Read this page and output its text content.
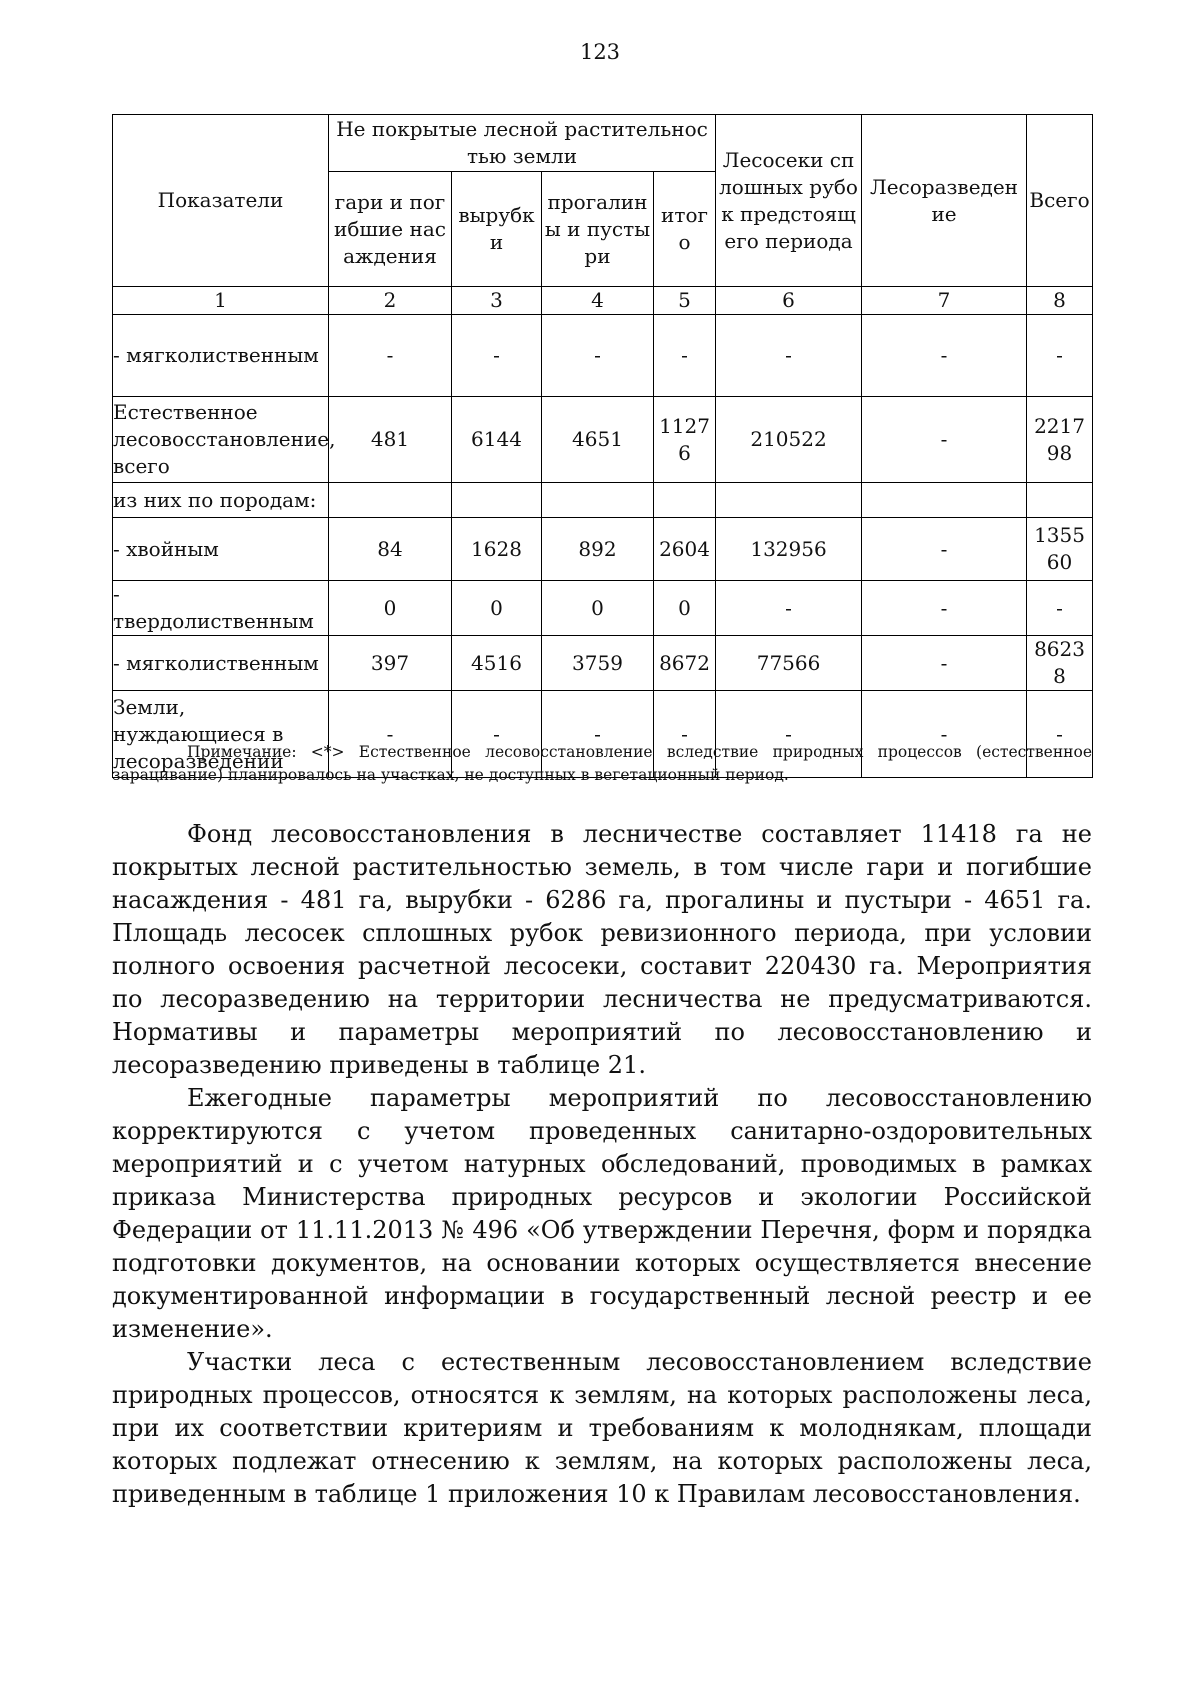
123
Показатели	Не покрытые лесной растительностью земли				Лесосеки сплошных рубок предстоящего периода	Лесоразведение	Всего
	гари и погибшие насаждения	вырубки	прогалины и пустыри	итого			
1	2	3	4	5	6	7	8
- мягколиственным	-	-	-	-	-	-	-
Естественное лесовосстановление, всего	481	6144	4651	11276	210522	-	221798
из них по породам:							
- хвойным	84	1628	892	2604	132956	-	135560
- твердолиственным	0	0	0	0	-	-	-
- мягколиственным	397	4516	3759	8672	77566	-	86238
Земли, нуждающиеся в лесоразведении	-	-	-	-	-	-	-
Примечание: <*> Естественное лесовосстановление вследствие природных процессов (естественное зарацивание) планировалось на участках, не доступных в вегетационный период.

Фонд лесовосстановления в лесничестве составляет 11418 га не покрытых лесной растительностью земель, в том числе гари и погибшие насаждения - 481 га, вырубки - 6286 га, прогалины и пустыри - 4651 га. Площадь лесосек сплошных рубок ревизионного периода, при условии полного освоения расчетной лесосеки, составит 220430 га. Мероприятия по лесоразведению на территории лесничества не предусматриваются. Нормативы и параметры мероприятий по лесовосстановлению и лесоразведению приведены в таблице 21.

Ежегодные параметры мероприятий по лесовосстановлению корректируются с учетом проведенных санитарно-оздоровительных мероприятий и с учетом натурных обследований, проводимых в рамках приказа Министерства природных ресурсов и экологии Российской Федерации от 11.11.2013 № 496 «Об утверждении Перечня, форм и порядка подготовки документов, на основании которых осуществляется внесение документированной информации в государственный лесной реестр и ее изменение».

Участки леса с естественным лесовосстановлением вследствие природных процессов, относятся к землям, на которых расположены леса, при их соответствии критериям и требованиям к молоднякам, площади которых подлежат отнесению к землям, на которых расположены леса, приведенным в таблице 1 приложения 10 к Правилам лесовосстановления.
